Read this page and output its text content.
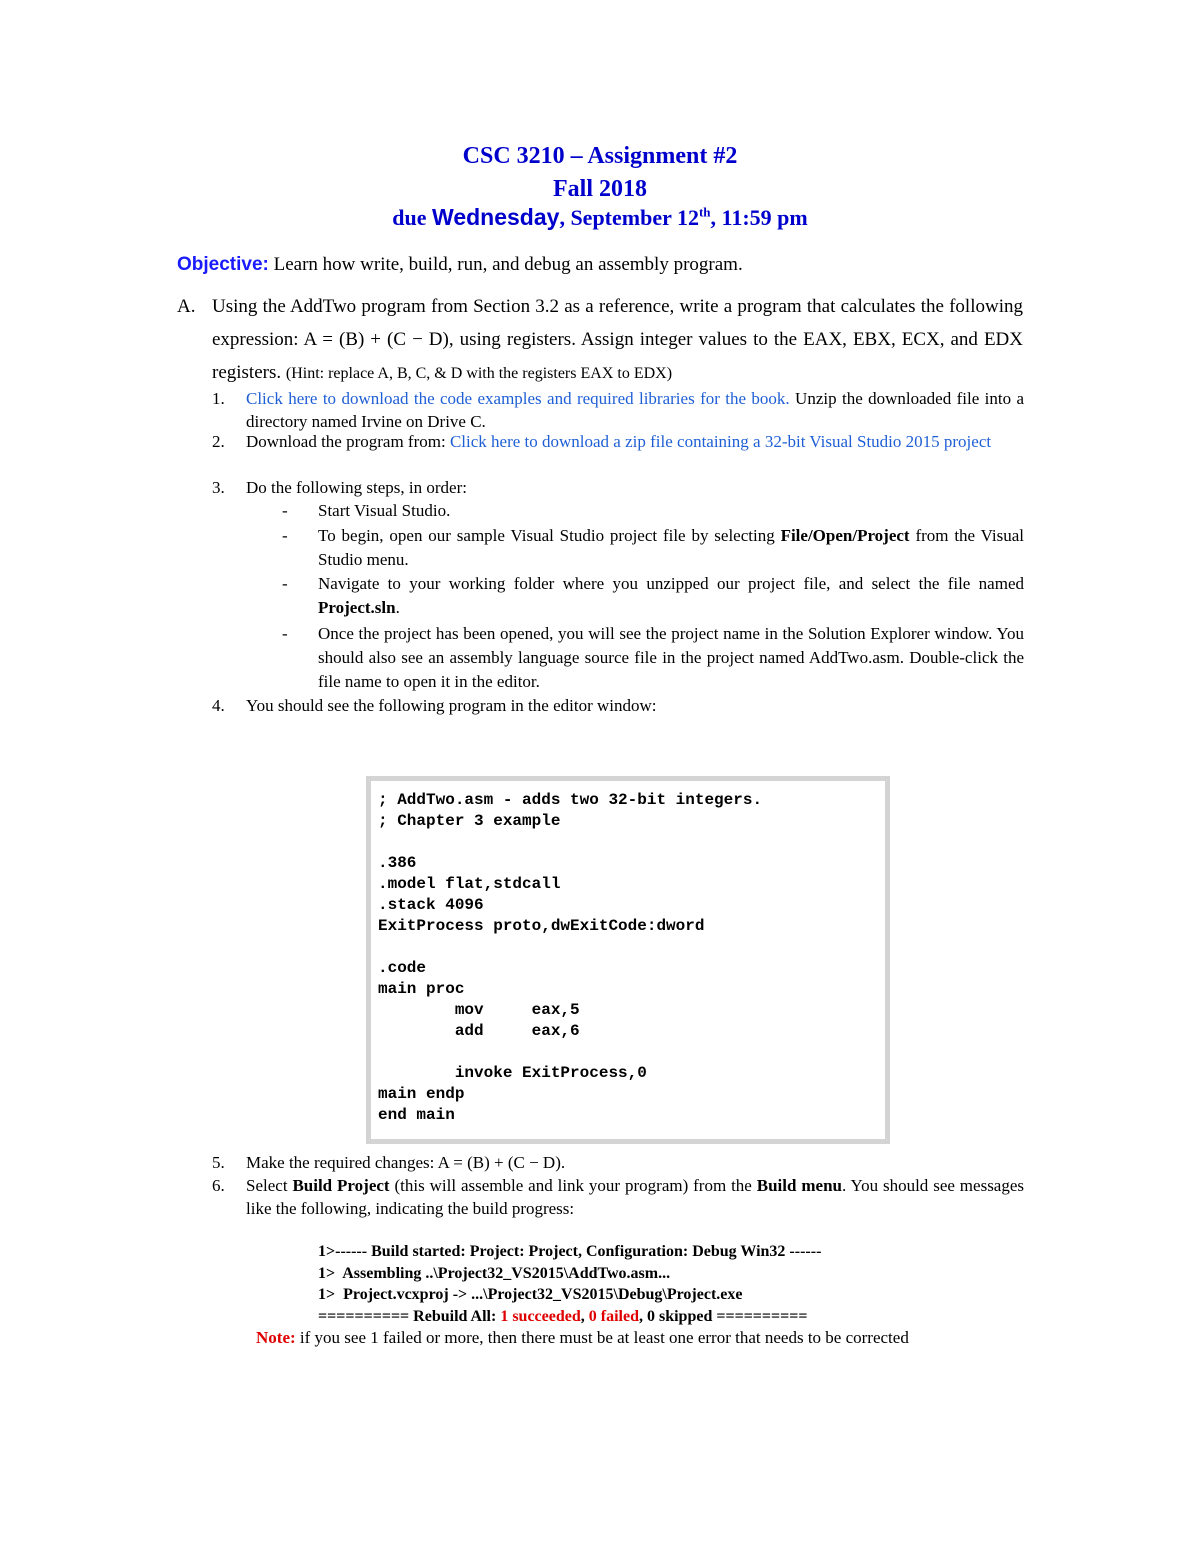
CSC 3210 – Assignment #2
Fall 2018
due Wednesday, September 12th, 11:59 pm
Objective: Learn how write, build, run, and debug an assembly program.
A. Using the AddTwo program from Section 3.2 as a reference, write a program that calculates the following expression: A = (B) + (C − D), using registers. Assign integer values to the EAX, EBX, ECX, and EDX registers. (Hint: replace A, B, C, & D with the registers EAX to EDX)
1. Click here to download the code examples and required libraries for the book. Unzip the downloaded file into a directory named Irvine on Drive C.
2. Download the program from: Click here to download a zip file containing a 32-bit Visual Studio 2015 project
3. Do the following steps, in order:
- Start Visual Studio.
- To begin, open our sample Visual Studio project file by selecting File/Open/Project from the Visual Studio menu.
- Navigate to your working folder where you unzipped our project file, and select the file named Project.sln.
- Once the project has been opened, you will see the project name in the Solution Explorer window. You should also see an assembly language source file in the project named AddTwo.asm. Double-click the file name to open it in the editor.
4. You should see the following program in the editor window:
; AddTwo.asm - adds two 32-bit integers.
; Chapter 3 example

.386
.model flat,stdcall
.stack 4096
ExitProcess proto,dwExitCode:dword

.code
main proc
mov     eax,5
add     eax,6

invoke ExitProcess,0
main endp
end main
5. Make the required changes: A = (B) + (C − D).
6. Select Build Project (this will assemble and link your program) from the Build menu. You should see messages like the following, indicating the build progress:
1>------ Build started: Project: Project, Configuration: Debug Win32 ------
1>  Assembling ..\Project32_VS2015\AddTwo.asm...
1>  Project.vcxproj -> ...\Project32_VS2015\Debug\Project.exe
========== Rebuild All: 1 succeeded, 0 failed, 0 skipped ==========
Note: if you see 1 failed or more, then there must be at least one error that needs to be corrected
